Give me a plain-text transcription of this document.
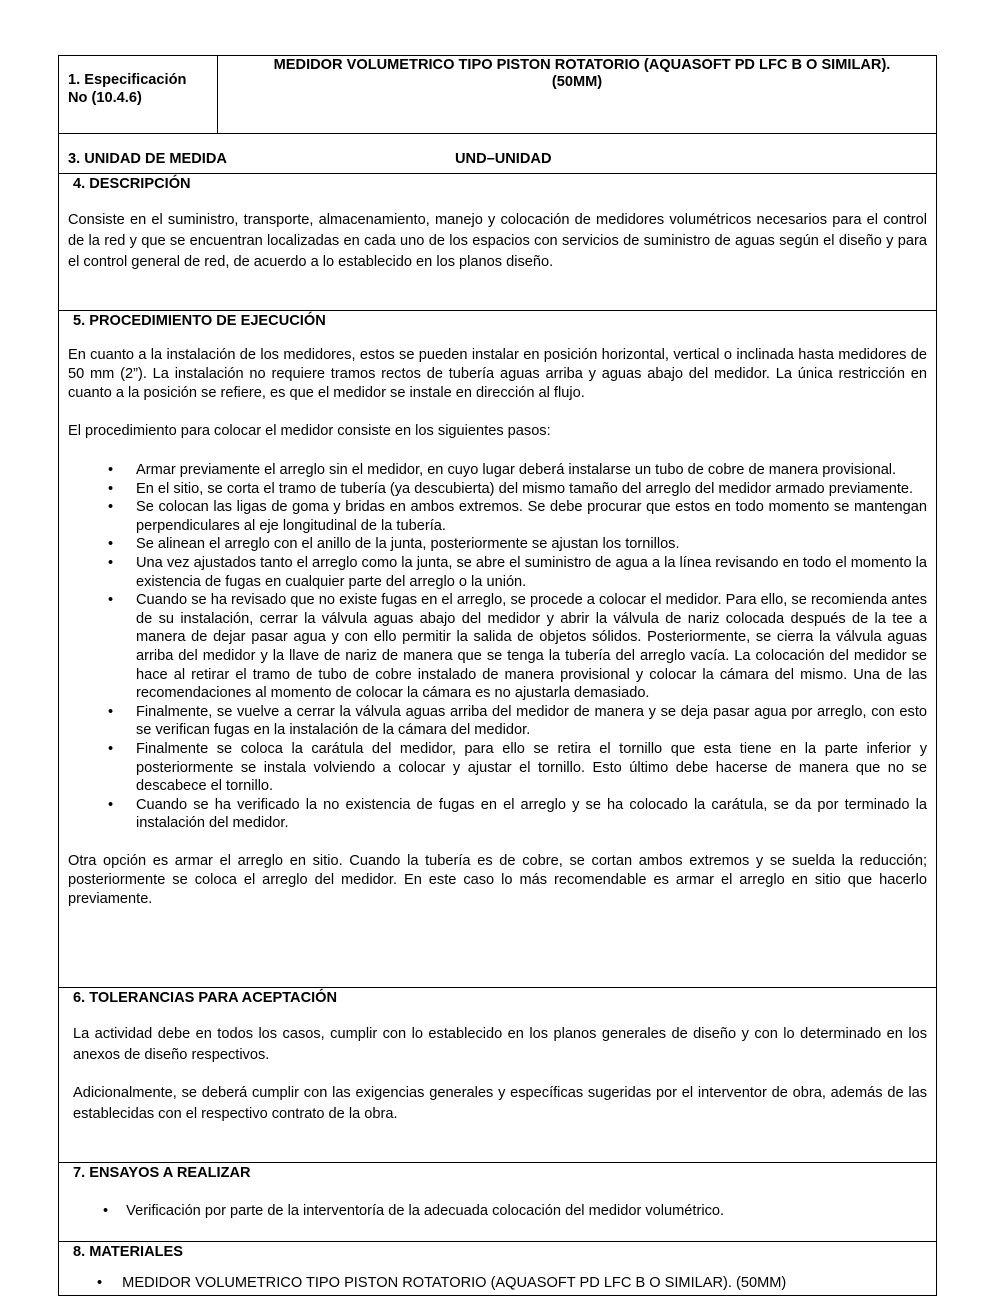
1. Especificación No (10.4.6)
MEDIDOR VOLUMETRICO TIPO PISTON ROTATORIO (AQUASOFT PD LFC B O SIMILAR).
(50MM)
3. UNIDAD DE MEDIDA	UND–UNIDAD
4. DESCRIPCIÓN

Consiste en el suministro, transporte, almacenamiento, manejo y colocación de medidores volumétricos necesarios para el control de la red y que se encuentran localizadas en cada uno de los espacios con servicios de suministro de aguas según el diseño y para el control general de red, de acuerdo a lo establecido en los planos diseño.

5. PROCEDIMIENTO DE EJECUCIÓN

En cuanto a la instalación de los medidores, estos se pueden instalar en posición horizontal, vertical o inclinada hasta medidores de 50 mm (2”). La instalación no requiere tramos rectos de tubería aguas arriba y aguas abajo del medidor. La única restricción en cuanto a la posición se refiere, es que el medidor se instale en dirección al flujo.

El procedimiento para colocar el medidor consiste en los siguientes pasos:

• Armar previamente el arreglo sin el medidor, en cuyo lugar deberá instalarse un tubo de cobre de manera provisional.
• En el sitio, se corta el tramo de tubería (ya descubierta) del mismo tamaño del arreglo del medidor armado previamente.
• Se colocan las ligas de goma y bridas en ambos extremos. Se debe procurar que estos en todo momento se mantengan perpendiculares al eje longitudinal de la tubería.
• Se alinean el arreglo con el anillo de la junta, posteriormente se ajustan los tornillos.
• Una vez ajustados tanto el arreglo como la junta, se abre el suministro de agua a la línea revisando en todo el momento la existencia de fugas en cualquier parte del arreglo o la unión.
• Cuando se ha revisado que no existe fugas en el arreglo, se procede a colocar el medidor. Para ello, se recomienda antes de su instalación, cerrar la válvula aguas abajo del medidor y abrir la válvula de nariz colocada después de la tee a manera de dejar pasar agua y con ello permitir la salida de objetos sólidos. Posteriormente, se cierra la válvula aguas arriba del medidor y la llave de nariz de manera que se tenga la tubería del arreglo vacía. La colocación del medidor se hace al retirar el tramo de tubo de cobre instalado de manera provisional y colocar la cámara del mismo. Una de las recomendaciones al momento de colocar la cámara es no ajustarla demasiado.
• Finalmente, se vuelve a cerrar la válvula aguas arriba del medidor de manera y se deja pasar agua por arreglo, con esto se verifican fugas en la instalación de la cámara del medidor.
• Finalmente se coloca la carátula del medidor, para ello se retira el tornillo que esta tiene en la parte inferior y posteriormente se instala volviendo a colocar y ajustar el tornillo. Esto último debe hacerse de manera que no se descabece el tornillo.
• Cuando se ha verificado la no existencia de fugas en el arreglo y se ha colocado la carátula, se da por terminado la instalación del medidor.

Otra opción es armar el arreglo en sitio. Cuando la tubería es de cobre, se cortan ambos extremos y se suelda la reducción; posteriormente se coloca el arreglo del medidor. En este caso lo más recomendable es armar el arreglo en sitio que hacerlo previamente.

6. TOLERANCIAS PARA ACEPTACIÓN

La actividad debe en todos los casos, cumplir con lo establecido en los planos generales de diseño y con lo determinado en los anexos de diseño respectivos.

Adicionalmente, se deberá cumplir con las exigencias generales y específicas sugeridas por el interventor de obra, además de las establecidas con el respectivo contrato de la obra.

7. ENSAYOS A REALIZAR
• Verificación por parte de la interventoría de la adecuada colocación del medidor volumétrico.
8. MATERIALES
• MEDIDOR VOLUMETRICO TIPO PISTON ROTATORIO (AQUASOFT PD LFC B O SIMILAR). (50MM)
